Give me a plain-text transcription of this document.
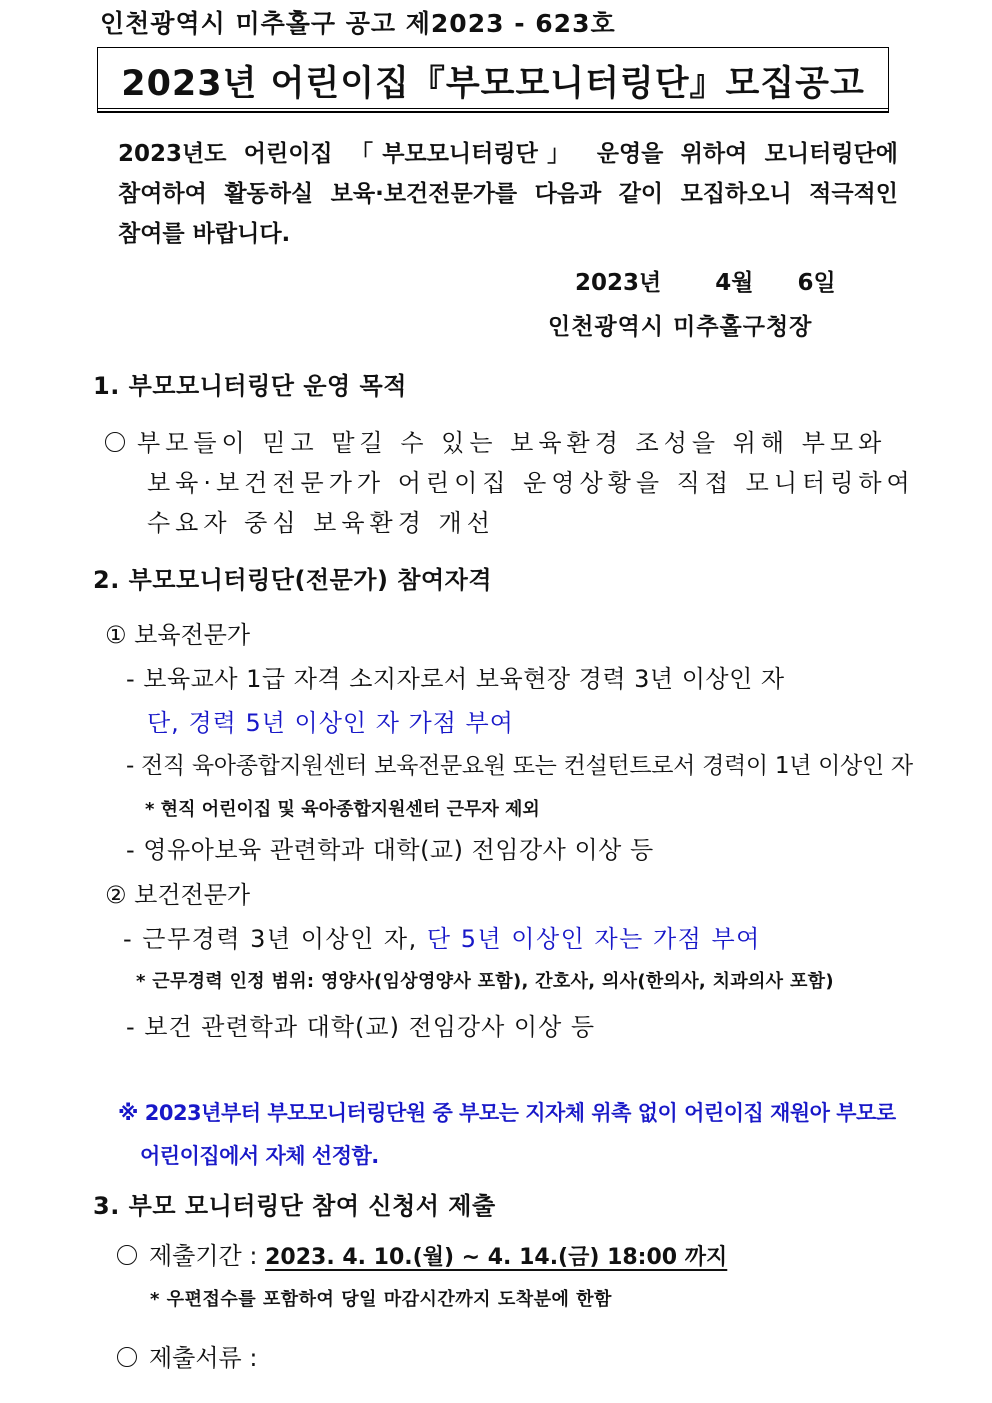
인천광역시 미추홀구 공고 제2023 - 623호
2023년 어린이집『부모모니터링단』모집공고
2023년도 어린이집 「부모모니터링단」 운영을 위하여 모니터링단에
참여하여 활동하실 보육·보건전문가를 다음과 같이 모집하오니 적극적인
참여를 바랍니다.
2023년 4월 6일
인천광역시 미추홀구청장
1. 부모모니터링단 운영 목적
부모들이 믿고 맡길 수 있는 보육환경 조성을 위해 부모와
보육·보건전문가가 어린이집 운영상황을 직접 모니터링하여
수요자 중심 보육환경 개선
2. 부모모니터링단(전문가) 참여자격
① 보육전문가
- 보육교사 1급 자격 소지자로서 보육현장 경력 3년 이상인 자
단, 경력 5년 이상인 자 가점 부여
- 전직 육아종합지원센터 보육전문요원 또는 컨설턴트로서 경력이 1년 이상인 자
* 현직 어린이집 및 육아종합지원센터 근무자 제외
- 영유아보육 관련학과 대학(교) 전임강사 이상 등
② 보건전문가
- 근무경력 3년 이상인 자, 단 5년 이상인 자는 가점 부여
* 근무경력 인정 범위: 영양사(임상영양사 포함), 간호사, 의사(한의사, 치과의사 포함)
- 보건 관련학과 대학(교) 전임강사 이상 등
※ 2023년부터 부모모니터링단원 중 부모는 지자체 위촉 없이 어린이집 재원아 부모로
어린이집에서 자체 선정함.
3. 부모 모니터링단 참여 신청서 제출
제출기간 : 2023. 4. 10.(월) ~ 4. 14.(금) 18:00 까지
* 우편접수를 포함하여 당일 마감시간까지 도착분에 한함
제출서류 :
